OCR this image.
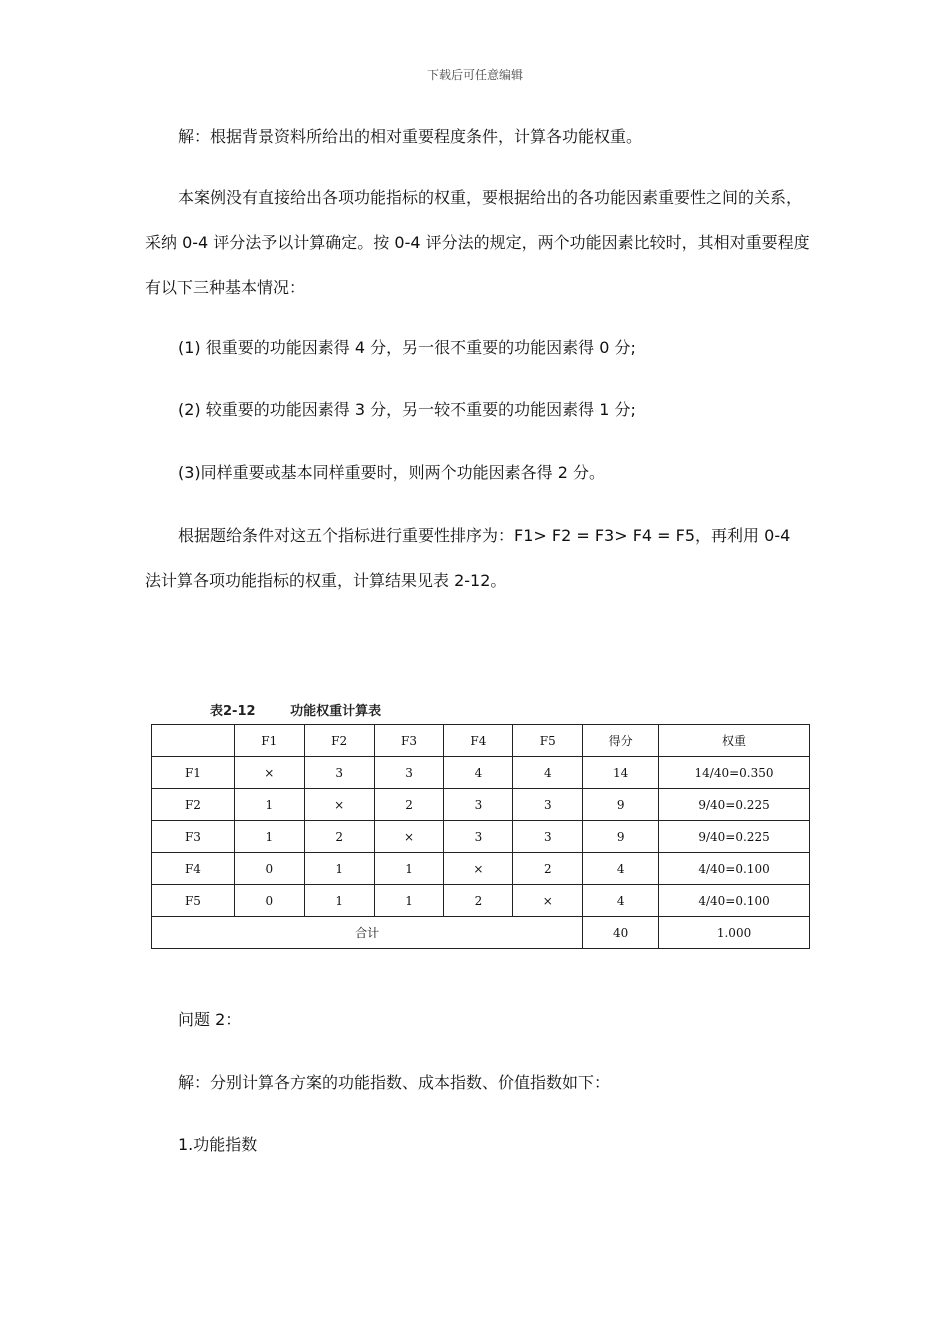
下载后可任意编辑

解：根据背景资料所给出的相对重要程度条件，计算各功能权重。

本案例没有直接给出各项功能指标的权重，要根据给出的各功能因素重要性之间的关系，采纳 0-4 评分法予以计算确定。按 0-4 评分法的规定，两个功能因素比较时，其相对重要程度有以下三种基本情况：

(1) 很重要的功能因素得 4 分，另一很不重要的功能因素得 0 分;

(2) 较重要的功能因素得 3 分，另一较不重要的功能因素得 1 分;

(3)同样重要或基本同样重要时，则两个功能因素各得 2 分。

根据题给条件对这五个指标进行重要性排序为：F1> F2 = F3> F4 = F5，再利用 0-4 法计算各项功能指标的权重，计算结果见表 2-12。

表2-12	功能权重计算表
	F1	F2	F3	F4	F5	得分	权重
F1	×	3	3	4	4	14	14/40=0.350
F2	1	×	2	3	3	9	9/40=0.225
F3	1	2	×	3	3	9	9/40=0.225
F4	0	1	1	×	2	4	4/40=0.100
F5	0	1	1	2	×	4	4/40=0.100
合计						40	1.000

问题 2：

解：分别计算各方案的功能指数、成本指数、价值指数如下：

1.功能指数
